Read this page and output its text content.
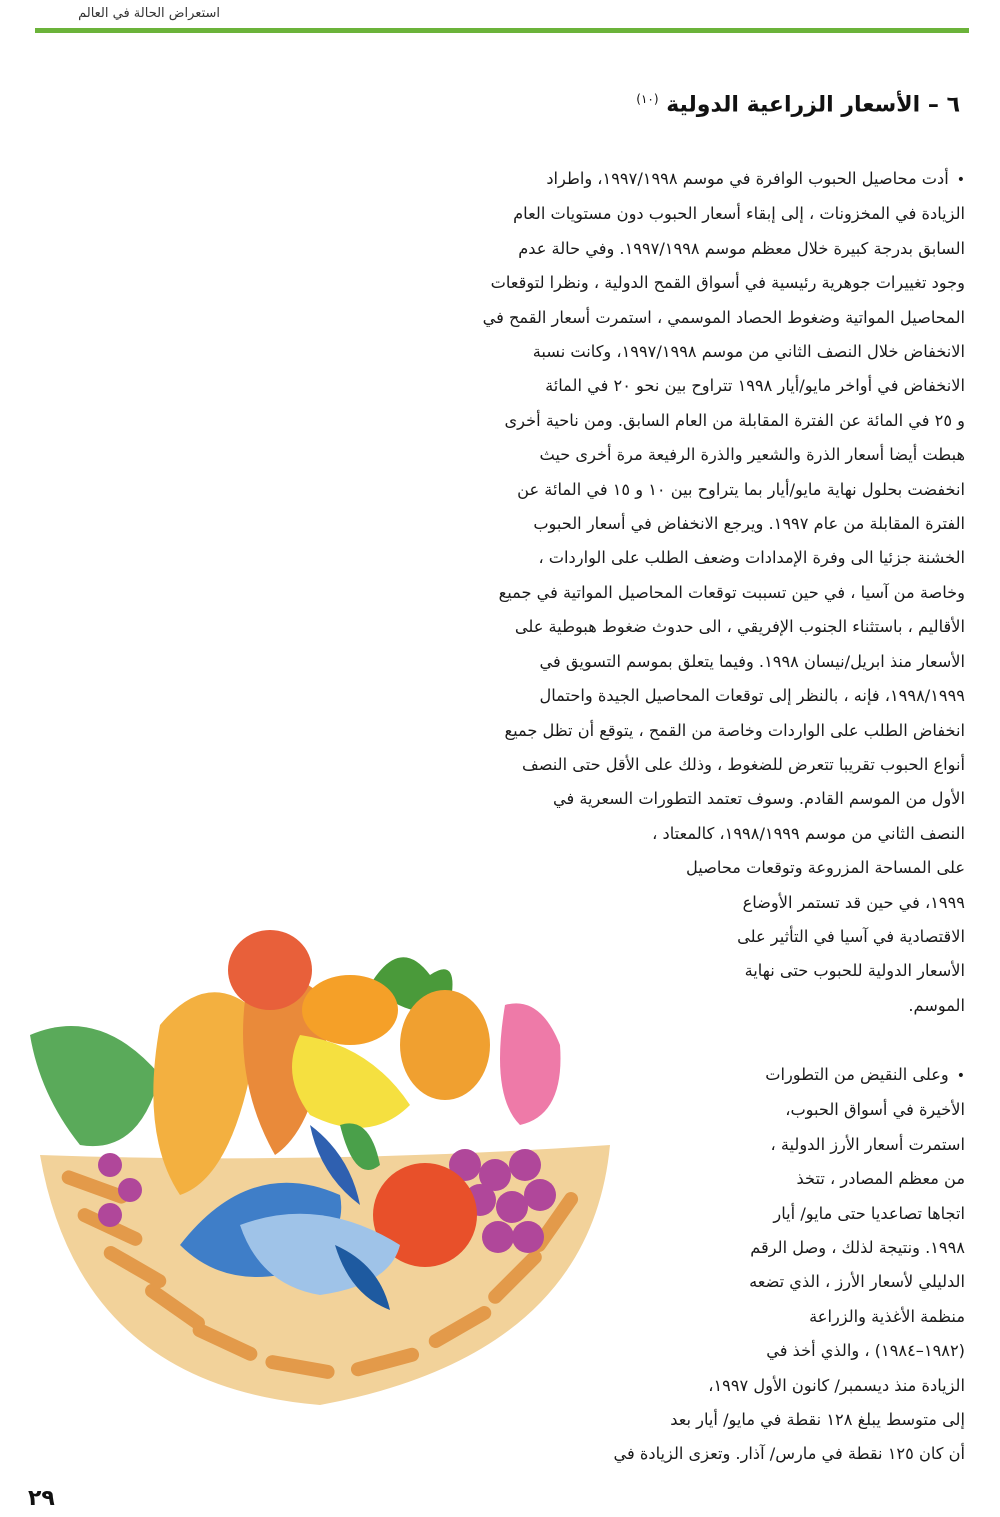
استعراض الحالة في العالم
٦ – الأسعار الزراعية الدولية $^{(١٠)}$
•أدت محاصيل الحبوب الوافرة في موسم ١٩٩٧/١٩٩٨، واطراد
الزيادة في المخزونات ، إلى إبقاء أسعار الحبوب دون مستويات العام
السابق بدرجة كبيرة خلال معظم موسم ١٩٩٧/١٩٩٨. وفي حالة عدم
وجود تغييرات جوهرية رئيسية في أسواق القمح الدولية ، ونظرا لتوقعات
المحاصيل المواتية وضغوط الحصاد الموسمي ، استمرت أسعار القمح في
الانخفاض خلال النصف الثاني من موسم ١٩٩٧/١٩٩٨، وكانت نسبة
الانخفاض في أواخر مايو/أيار ١٩٩٨ تتراوح بين نحو ٢٠ في المائة
و ٢٥ في المائة عن الفترة المقابلة من العام السابق. ومن ناحية أخرى
هبطت أيضا أسعار الذرة والشعير والذرة الرفيعة مرة أخرى حيث
انخفضت بحلول نهاية مايو/أيار بما يتراوح بين ١٠ و ١٥ في المائة عن
الفترة المقابلة من عام ١٩٩٧. ويرجع الانخفاض في أسعار الحبوب
الخشنة جزئيا الى وفرة الإمدادات وضعف الطلب على الواردات ،
وخاصة من آسيا ، في حين تسببت توقعات المحاصيل المواتية في جميع
الأقاليم ، باستثناء الجنوب الإفريقي ، الى حدوث ضغوط هبوطية على
الأسعار منذ ابريل/نيسان ١٩٩٨. وفيما يتعلق بموسم التسويق في
١٩٩٨/١٩٩٩، فإنه ، بالنظر إلى توقعات المحاصيل الجيدة واحتمال
انخفاض الطلب على الواردات وخاصة من القمح ، يتوقع أن تظل جميع
أنواع الحبوب تقريبا تتعرض للضغوط ، وذلك على الأقل حتى النصف
الأول من الموسم القادم. وسوف تعتمد التطورات السعرية في
النصف الثاني من موسم ١٩٩٨/١٩٩٩، كالمعتاد ،
على المساحة المزروعة وتوقعات محاصيل
١٩٩٩، في حين قد تستمر الأوضاع
الاقتصادية في آسيا في التأثير على
الأسعار الدولية للحبوب حتى نهاية
الموسم.
•وعلى النقيض من التطورات
الأخيرة في أسواق الحبوب،
استمرت أسعار الأرز الدولية ،
من معظم المصادر ، تتخذ
اتجاها تصاعديا حتى مايو/ أيار
١٩٩٨. ونتيجة لذلك ، وصل الرقم
الدليلي لأسعار الأرز ، الذي تضعه
منظمة الأغذية والزراعة
(١٩٨٢–١٩٨٤) ، والذي أخذ في
الزيادة منذ ديسمبر/ كانون الأول ١٩٩٧،
إلى متوسط يبلغ ١٢٨ نقطة في مايو/ أيار بعد
أن كان ١٢٥ نقطة في مارس/ آذار. وتعزى الزيادة في
٢٩
